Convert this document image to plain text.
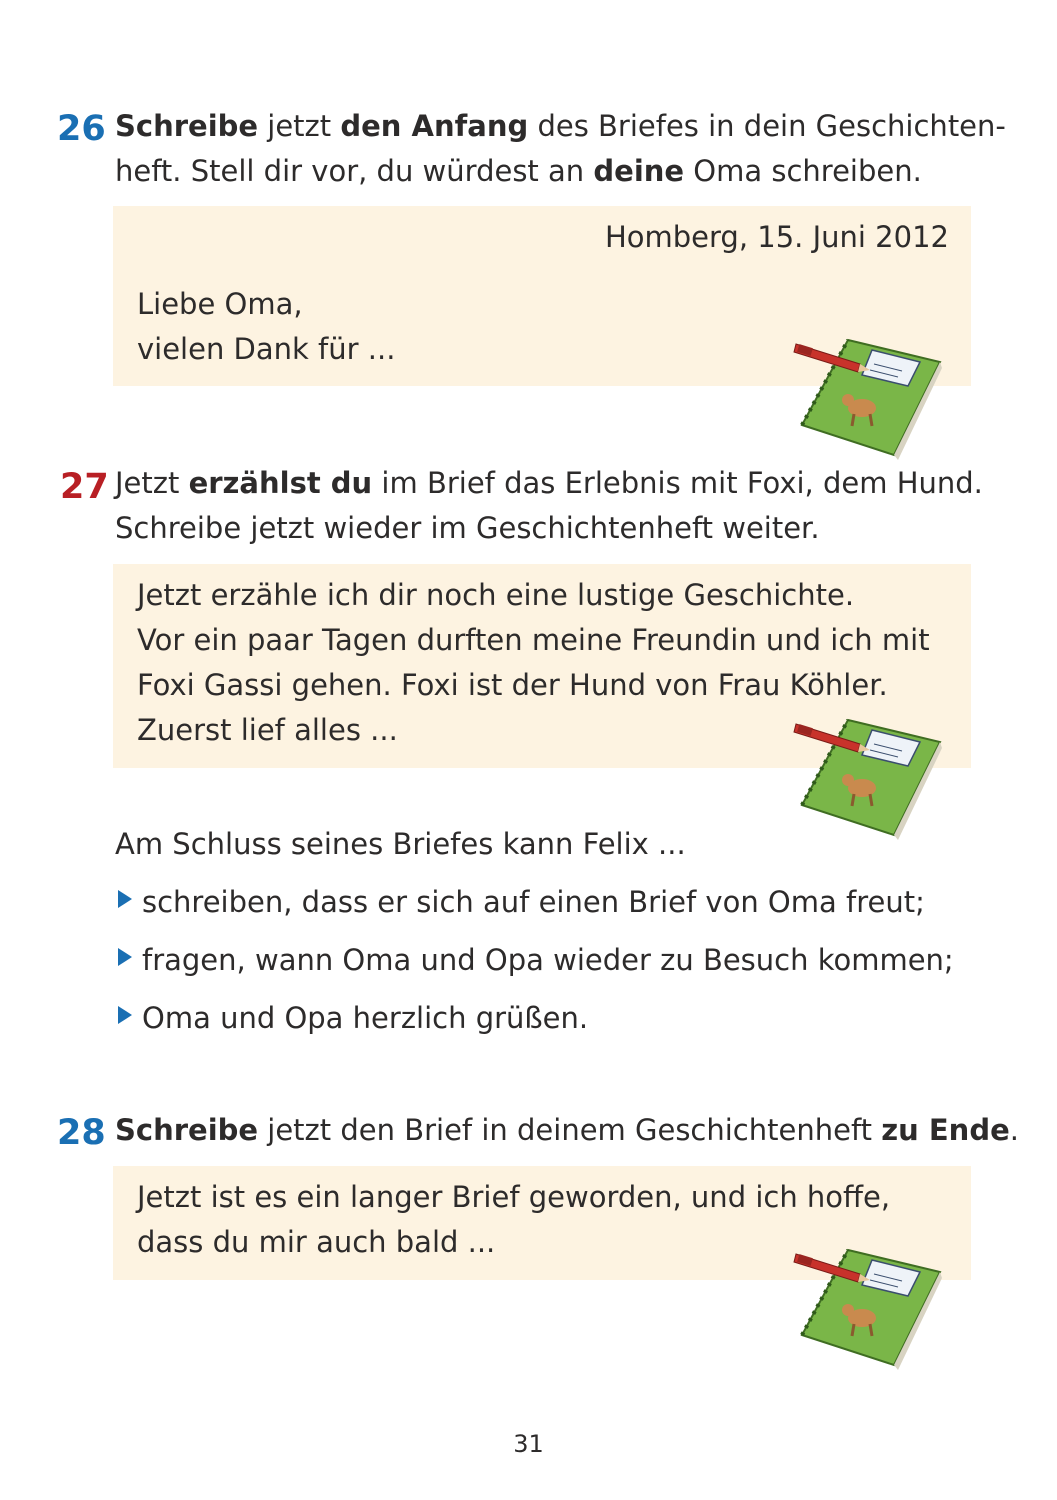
26 Schreibe jetzt den Anfang des Briefes in dein Geschichten-
heft. Stell dir vor, du würdest an deine Oma schreiben.
Homberg, 15. Juni 2012
Liebe Oma,
vielen Dank für ...
27 Jetzt erzählst du im Brief das Erlebnis mit Foxi, dem Hund.
Schreibe jetzt wieder im Geschichtenheft weiter.
Jetzt erzähle ich dir noch eine lustige Geschichte.
Vor ein paar Tagen durften meine Freundin und ich mit
Foxi Gassi gehen. Foxi ist der Hund von Frau Köhler.
Zuerst lief alles ...
Am Schluss seines Briefes kann Felix ...
schreiben, dass er sich auf einen Brief von Oma freut;
fragen, wann Oma und Opa wieder zu Besuch kommen;
Oma und Opa herzlich grüßen.
28 Schreibe jetzt den Brief in deinem Geschichtenheft zu Ende.
Jetzt ist es ein langer Brief geworden, und ich hoffe,
dass du mir auch bald ...
31
